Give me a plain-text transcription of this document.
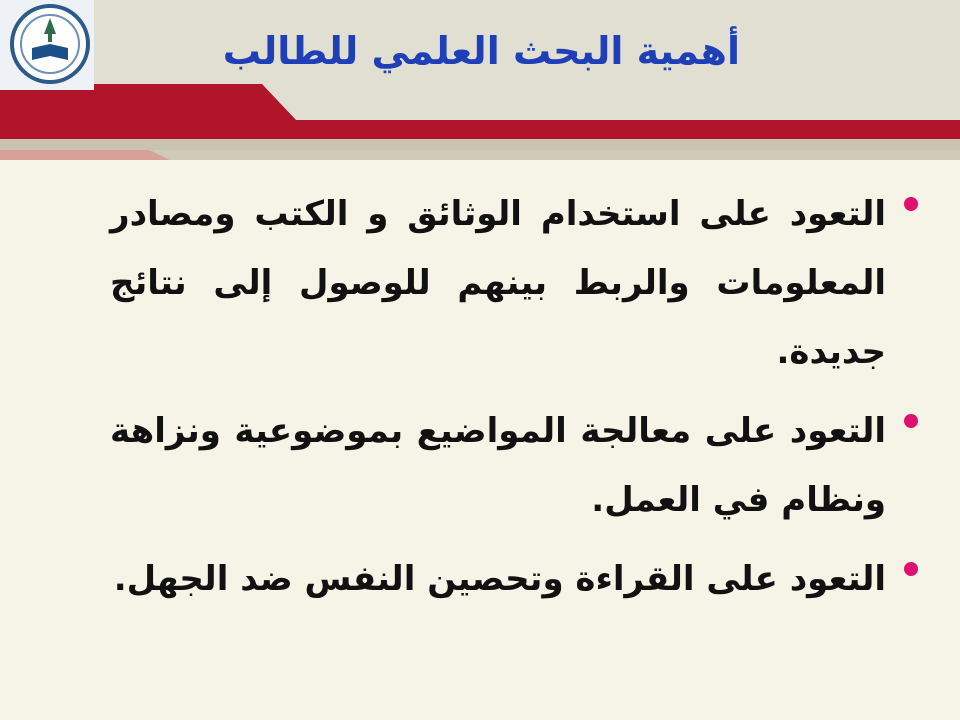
أهمية البحث العلمي للطالب

التعود على استخدام الوثائق و الكتب ومصادر المعلومات والربط بينهم للوصول إلى نتائج جديدة.

التعود على معالجة المواضيع بموضوعية ونزاهة ونظام في العمل.

التعود على القراءة وتحصين النفس ضد الجهل.
